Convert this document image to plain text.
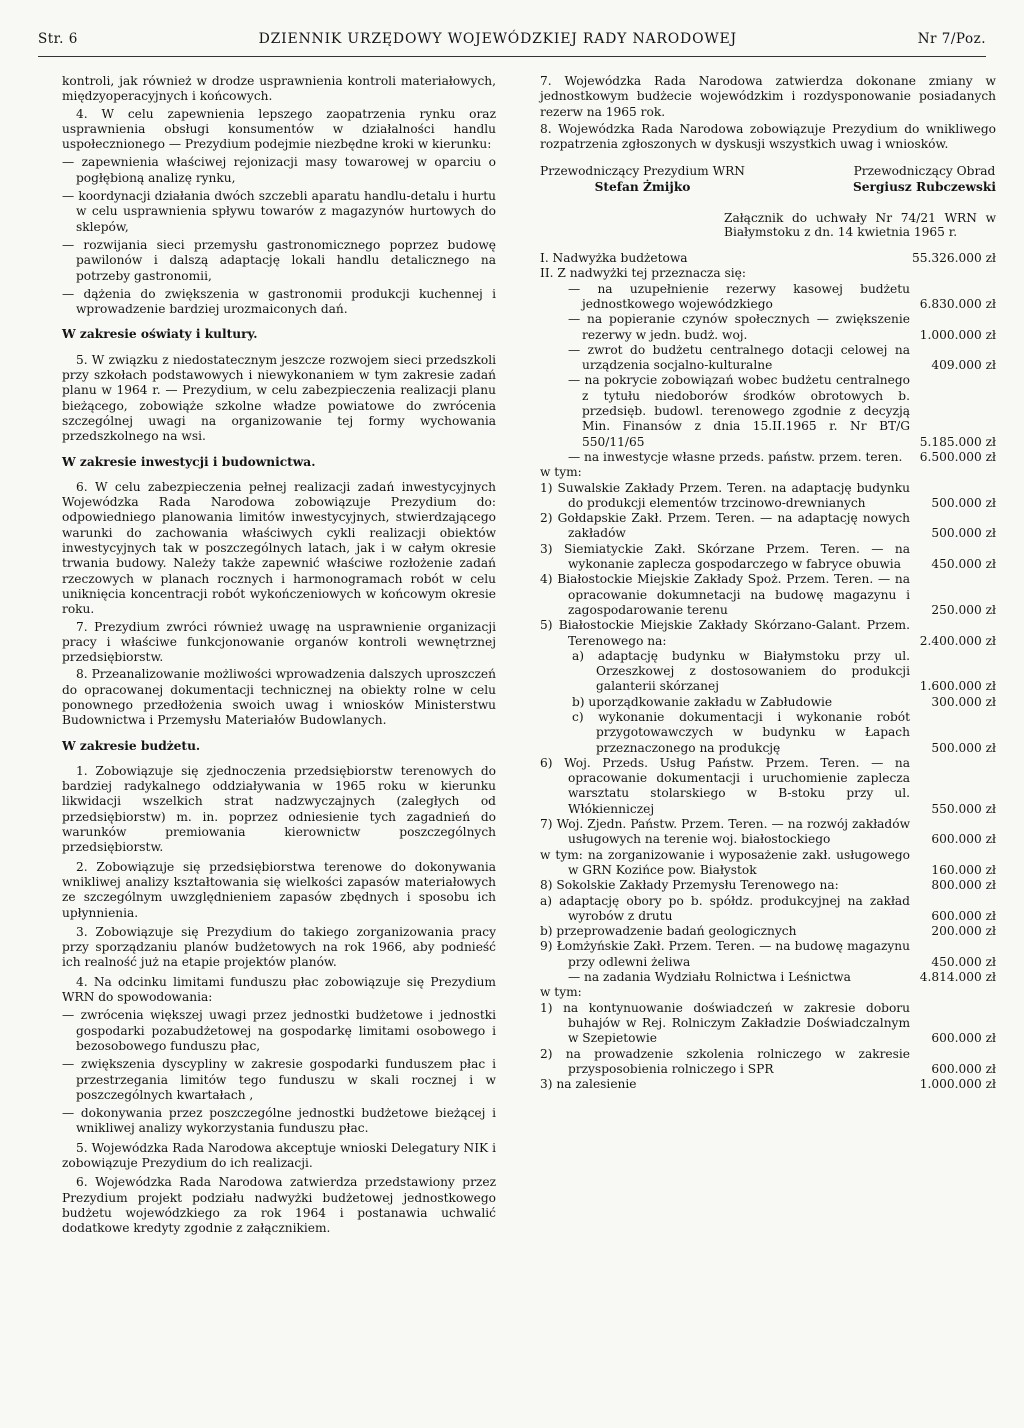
Str. 6	DZIENNIK URZĘDOWY WOJEWÓDZKIEJ RADY NARODOWEJ	Nr 7/Poz.

kontroli, jak również w drodze usprawnienia kontroli materiałowych, międzyoperacyjnych i końcowych.

4. W celu zapewnienia lepszego zaopatrzenia rynku oraz usprawnienia obsługi konsumentów w działalności handlu uspołecznionego — Prezydium podejmie niezbędne kroki w kierunku:

— zapewnienia właściwej rejonizacji masy towarowej w oparciu o pogłębioną analizę rynku,

— koordynacji działania dwóch szczebli aparatu handlu-detalu i hurtu w celu usprawnienia spływu towarów z magazynów hurtowych do sklepów,

— rozwijania sieci przemysłu gastronomicznego poprzez budowę pawilonów i dalszą adaptację lokali handlu detalicznego na potrzeby gastronomii,

— dążenia do zwiększenia w gastronomii produkcji kuchennej i wprowadzenie bardziej urozmaiconych dań.

W zakresie oświaty i kultury.

5. W związku z niedostatecznym jeszcze rozwojem sieci przedszkoli przy szkołach podstawowych i niewykonaniem w tym zakresie zadań planu w 1964 r. — Prezydium, w celu zabezpieczenia realizacji planu bieżącego, zobowiąże szkolne władze powiatowe do zwrócenia szczególnej uwagi na organizowanie tej formy wychowania przedszkolnego na wsi.

W zakresie inwestycji i budownictwa.

6. W celu zabezpieczenia pełnej realizacji zadań inwestycyjnych Wojewódzka Rada Narodowa zobowiązuje Prezydium do: odpowiedniego planowania limitów inwestycyjnych, stwierdzającego warunki do zachowania właściwych cykli realizacji obiektów inwestycyjnych tak w poszczególnych latach, jak i w całym okresie trwania budowy. Należy także zapewnić właściwe rozłożenie zadań rzeczowych w planach rocznych i harmonogramach robót w celu uniknięcia koncentracji robót wykończeniowych w końcowym okresie roku.

7. Prezydium zwróci również uwagę na usprawnienie organizacji pracy i właściwe funkcjonowanie organów kontroli wewnętrznej przedsiębiorstw.

8. Przeanalizowanie możliwości wprowadzenia dalszych uproszczeń do opracowanej dokumentacji technicznej na obiekty rolne w celu ponownego przedłożenia swoich uwag i wniosków Ministerstwu Budownictwa i Przemysłu Materiałów Budowlanych.

W zakresie budżetu.

1. Zobowiązuje się zjednoczenia przedsiębiorstw terenowych do bardziej radykalnego oddziaływania w 1965 roku w kierunku likwidacji wszelkich strat nadzwyczajnych (zaległych od przedsiębiorstw) m. in. poprzez odniesienie tych zagadnień do warunków premiowania kierownictw poszczególnych przedsiębiorstw.

2. Zobowiązuje się przedsiębiorstwa terenowe do dokonywania wnikliwej analizy kształtowania się wielkości zapasów materiałowych ze szczególnym uwzględnieniem zapasów zbędnych i sposobu ich upłynnienia.

3. Zobowiązuje się Prezydium do takiego zorganizowania pracy przy sporządzaniu planów budżetowych na rok 1966, aby podnieść ich realność już na etapie projektów planów.

4. Na odcinku limitami funduszu płac zobowiązuje się Prezydium WRN do spowodowania:

— zwrócenia większej uwagi przez jednostki budżetowe i jednostki gospodarki pozabudżetowej na gospodarkę limitami osobowego i bezosobowego funduszu płac,

— zwiększenia dyscypliny w zakresie gospodarki funduszem płac i przestrzegania limitów tego funduszu w skali rocznej i w poszczególnych kwartałach ,

— dokonywania przez poszczególne jednostki budżetowe bieżącej i wnikliwej analizy wykorzystania funduszu płac.

5. Wojewódzka Rada Narodowa akceptuje wnioski Delegatury NIK i zobowiązuje Prezydium do ich realizacji.

6. Wojewódzka Rada Narodowa zatwierdza przedstawiony przez Prezydium projekt podziału nadwyżki budżetowej jednostkowego budżetu wojewódzkiego za rok 1964 i postanawia uchwalić dodatkowe kredyty zgodnie z załącznikiem.

7. Wojewódzka Rada Narodowa zatwierdza dokonane zmiany w jednostkowym budżecie wojewódzkim i rozdysponowanie posiadanych rezerw na 1965 rok.

8. Wojewódzka Rada Narodowa zobowiązuje Prezydium do wnikliwego rozpatrzenia zgłoszonych w dyskusji wszystkich uwag i wniosków.

Przewodniczący Prezydium WRN
Stefan Żmijko
Przewodniczący Obrad
Sergiusz Rubczewski

Załącznik do uchwały Nr 74/21 WRN w Białymstoku z dn. 14 kwietnia 1965 r.

I. Nadwyżka budżetowa	55.326.000 zł
II. Z nadwyżki tej przeznacza się:
— na uzupełnienie rezerwy kasowej budżetu jednostkowego wojewódzkiego	6.830.000 zł
— na popieranie czynów społecznych — zwiększenie rezerwy w jedn. budż. woj.	1.000.000 zł
— zwrot do budżetu centralnego dotacji celowej na urządzenia socjalno-kulturalne	409.000 zł
— na pokrycie zobowiązań wobec budżetu centralnego z tytułu niedoborów środków obrotowych b. przedsięb. budowl. terenowego zgodnie z decyzją Min. Finansów z dnia 15.II.1965 r. Nr BT/G 550/11/65	5.185.000 zł
— na inwestycje własne przeds. państw. przem. teren.	6.500.000 zł
w tym:
1) Suwalskie Zakłady Przem. Teren. na adaptację budynku do produkcji elementów trzcinowo-drewnianych	500.000 zł
2) Gołdapskie Zakł. Przem. Teren. — na adaptację nowych zakładów	500.000 zł
3) Siemiatyckie Zakł. Skórzane Przem. Teren. — na wykonanie zaplecza gospodarczego w fabryce obuwia	450.000 zł
4) Białostockie Miejskie Zakłady Spoż. Przem. Teren. — na opracowanie dokumnetacji na budowę magazynu i zagospodarowanie terenu	250.000 zł
5) Białostockie Miejskie Zakłady Skórzano-Galant. Przem. Terenowego na:	2.400.000 zł
a) adaptację budynku w Białymstoku przy ul. Orzeszkowej z dostosowaniem do produkcji galanterii skórzanej	1.600.000 zł
b) uporządkowanie zakładu w Zabłudowie	300.000 zł
c) wykonanie dokumentacji i wykonanie robót przygotowawczych w budynku w Łapach przeznaczonego na produkcję	500.000 zł
6) Woj. Przeds. Usług Państw. Przem. Teren. — na opracowanie dokumentacji i uruchomienie zaplecza warsztatu stolarskiego w B-stoku przy ul. Włókienniczej	550.000 zł
7) Woj. Zjedn. Państw. Przem. Teren. — na rozwój zakładów usługowych na terenie woj. białostockiego	600.000 zł
w tym: na zorganizowanie i wyposażenie zakł. usługowego w GRN Kozińce pow. Białystok	160.000 zł
8) Sokolskie Zakłady Przemysłu Terenowego na:	800.000 zł
a) adaptację obory po b. spółdz. produkcyjnej na zakład wyrobów z drutu	600.000 zł
b) przeprowadzenie badań geologicznych	200.000 zł
9) Łomżyńskie Zakł. Przem. Teren. — na budowę magazynu przy odlewni żeliwa	450.000 zł
— na zadania Wydziału Rolnictwa i Leśnictwa	4.814.000 zł
w tym:
1) na kontynuowanie doświadczeń w zakresie doboru buhajów w Rej. Rolniczym Zakładzie Doświadczalnym w Szepietowie	600.000 zł
2) na prowadzenie szkolenia rolniczego w zakresie przysposobienia rolniczego i SPR	600.000 zł
3) na zalesienie	1.000.000 zł
